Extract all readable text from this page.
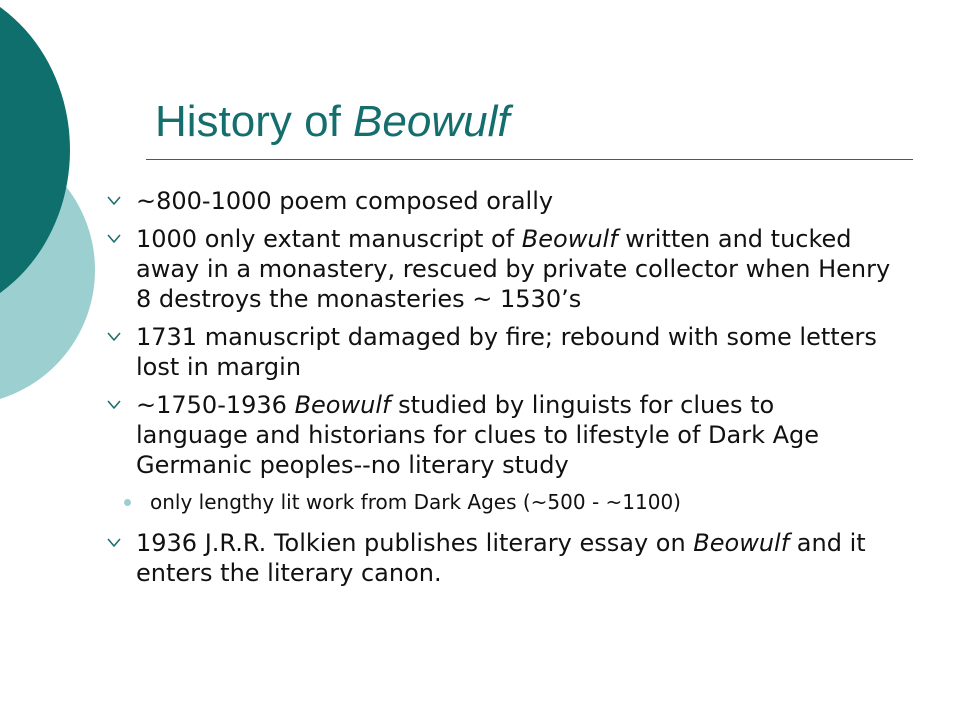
History of Beowulf
~800-1000 poem composed orally
1000 only extant manuscript of Beowulf written and tucked away in a monastery, rescued by private collector when Henry 8 destroys the monasteries ~ 1530’s
1731 manuscript damaged by fire; rebound with some letters lost in margin
~1750-1936 Beowulf studied by linguists for clues to language and historians for clues to lifestyle of Dark Age Germanic peoples--no literary study
only lengthy lit work from Dark Ages (~500 - ~1100)
1936 J.R.R. Tolkien publishes literary essay on Beowulf and it enters the literary canon.
